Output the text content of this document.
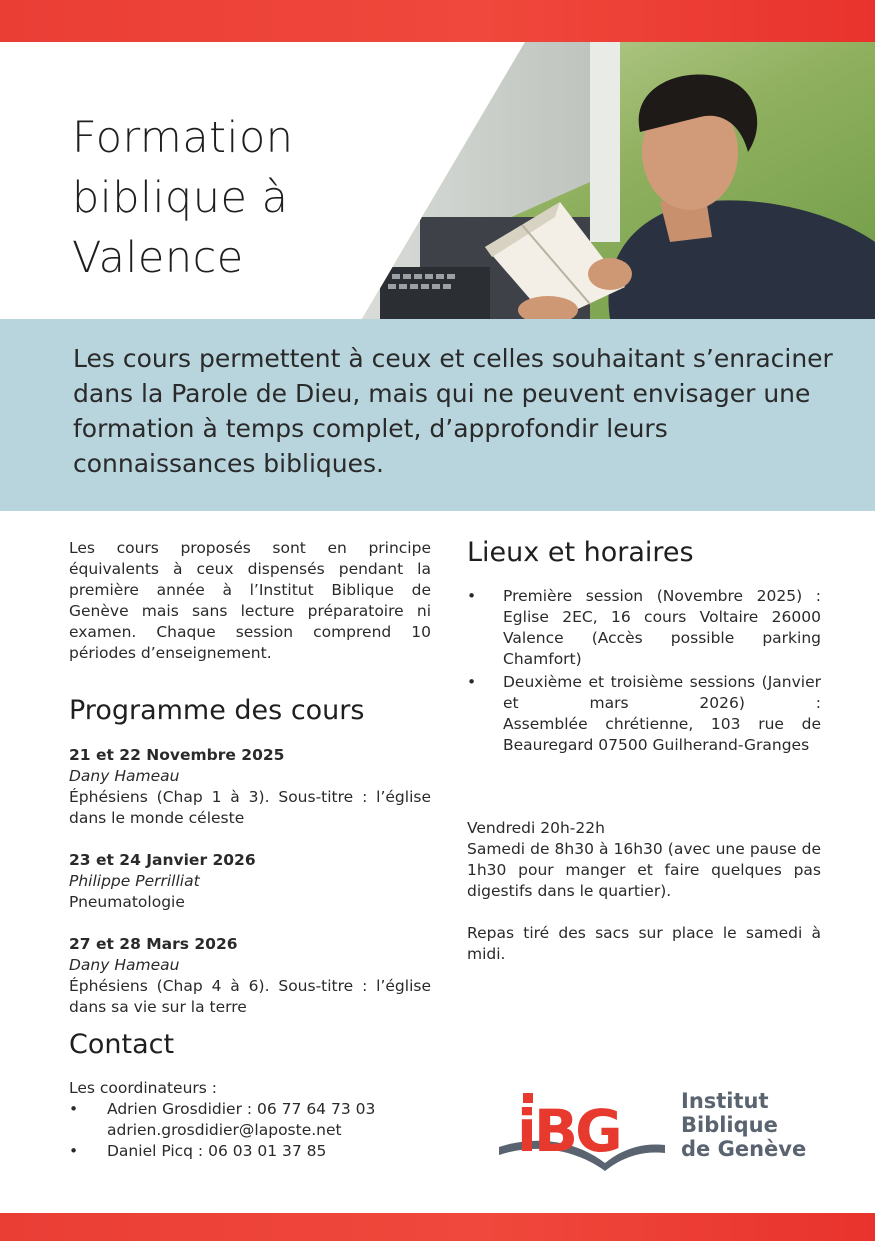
Formation
biblique à
Valence

Les cours permettent à ceux et celles souhaitant s’enraciner dans la Parole de Dieu, mais qui ne peuvent envisager une formation à temps complet, d’approfondir leurs connaissances bibliques.

Les cours proposés sont en principe équivalents à ceux dispensés pendant la première année à l’Institut Biblique de Genève mais sans lecture préparatoire ni examen. Chaque session comprend 10 périodes d’enseignement.

Programme des cours
21 et 22 Novembre 2025
Dany Hameau
Éphésiens (Chap 1 à 3). Sous-titre : l’église dans le monde céleste
23 et 24 Janvier 2026
Philippe Perrilliat
Pneumatologie
27 et 28 Mars 2026
Dany Hameau
Éphésiens (Chap 4 à 6). Sous-titre : l’église dans sa vie sur la terre
Contact
Les coordinateurs :
• Adrien Grosdidier : 06 77 64 73 03
adrien.grosdidier@laposte.net
• Daniel Picq : 06 03 01 37 85
Lieux et horaires
• Première session (Novembre 2025) :
Eglise 2EC, 16 cours Voltaire 26000 Valence (Accès possible parking Chamfort)
• Deuxième et troisième sessions (Janvier et mars 2026) :
Assemblée chrétienne, 103 rue de Beauregard 07500 Guilherand-Granges

Vendredi 20h-22h

Samedi de 8h30 à 16h30 (avec une pause de 1h30 pour manger et faire quelques pas digestifs dans le quartier).

Repas tiré des sacs sur place le samedi à midi.

iBG	Institut
Biblique
de Genève
